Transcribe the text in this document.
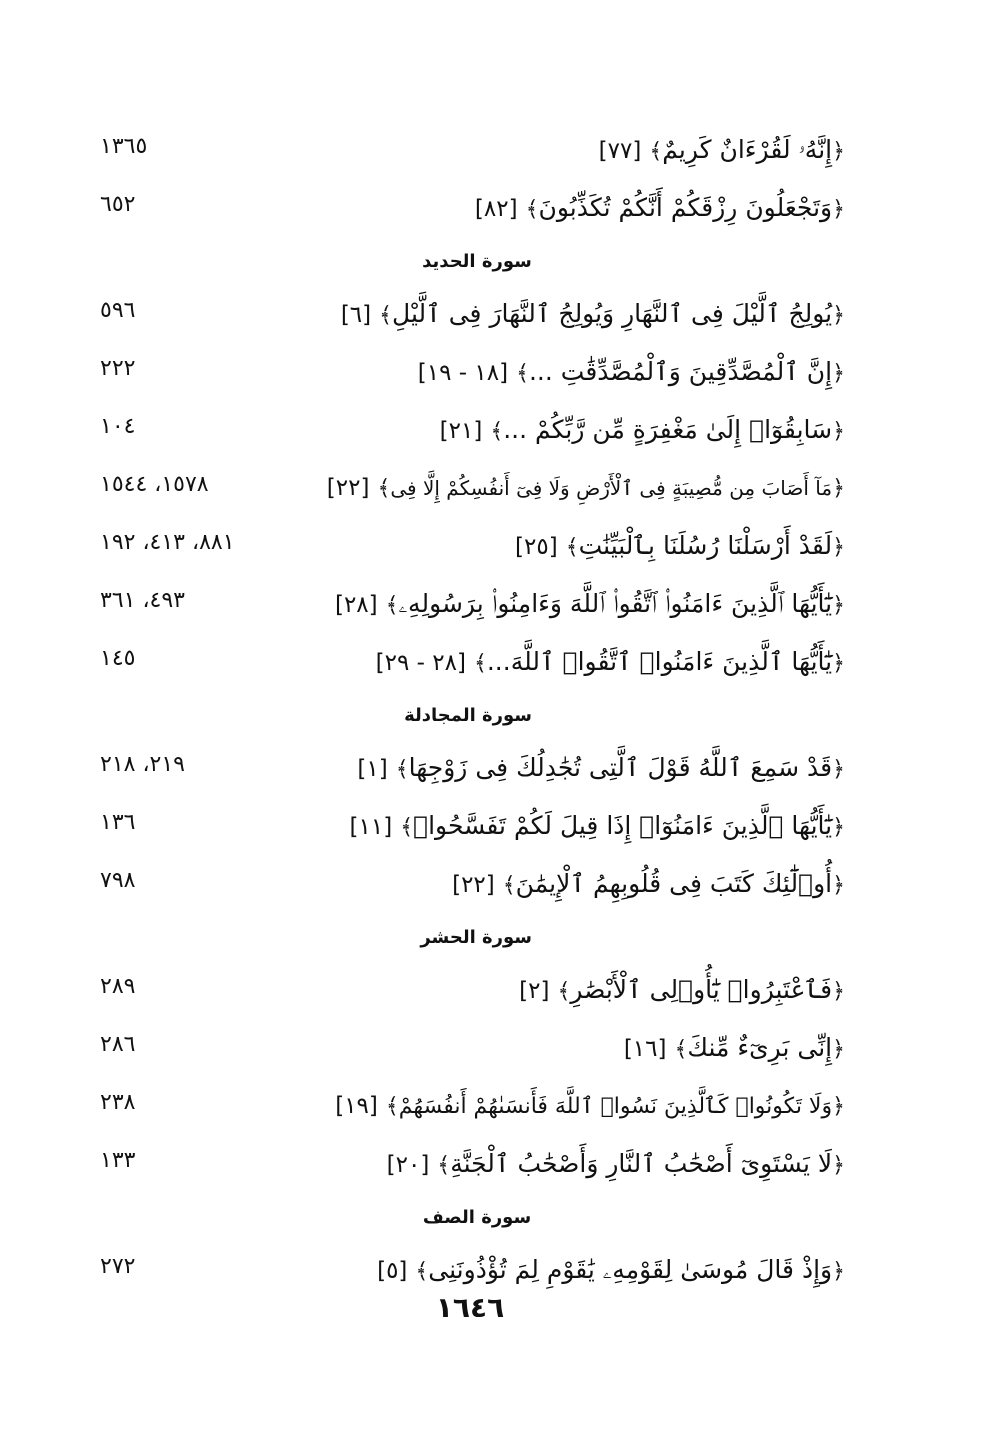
﴿إِنَّهُۥ لَقُرْءَانٌ كَرِيمٌ﴾[٧٧]
١٣٦٥
﴿وَتَجْعَلُونَ رِزْقَكُمْ أَنَّكُمْ تُكَذِّبُونَ﴾[٨٢]
٦٥٢
سورة الحديد
﴿يُولِجُ ٱلَّيْلَ فِى ٱلنَّهَارِ وَيُولِجُ ٱلنَّهَارَ فِى ٱلَّيْلِ﴾[٦]
٥٩٦
﴿إِنَّ ٱلْمُصَّدِّقِينَ وَٱلْمُصَّدِّقَٰتِ ...﴾[١٨ - ١٩]
٢٢٢
﴿سَابِقُوٓا۟ إِلَىٰ مَغْفِرَةٍ مِّن رَّبِّكُمْ ...﴾[٢١]
١٠٤
﴿مَآ أَصَابَ مِن مُّصِيبَةٍ فِى ٱلْأَرْضِ وَلَا فِىٓ أَنفُسِكُمْ إِلَّا فِى﴾[٢٢]
١٥٧٨، ١٥٤٤
﴿لَقَدْ أَرْسَلْنَا رُسُلَنَا بِٱلْبَيِّنَٰتِ﴾[٢٥]
٨٨١، ٤١٣، ١٩٢
﴿يَٰٓأَيُّهَا ٱلَّذِينَ ءَامَنُوا۟ ٱتَّقُوا۟ ٱللَّهَ وَءَامِنُوا۟ بِرَسُولِهِۦ﴾[٢٨]
٤٩٣، ٣٦١
﴿يَٰٓأَيُّهَا ٱلَّذِينَ ءَامَنُوا۟ ٱتَّقُوا۟ ٱللَّهَ...﴾[٢٨ - ٢٩]
١٤٥
سورة المجادلة
﴿قَدْ سَمِعَ ٱللَّهُ قَوْلَ ٱلَّتِى تُجَٰدِلُكَ فِى زَوْجِهَا﴾[١]
٢١٩، ٢١٨
﴿يَٰٓأَيُّهَا ٱلَّذِينَ ءَامَنُوٓا۟ إِذَا قِيلَ لَكُمْ تَفَسَّحُوا۟﴾[١١]
١٣٦
﴿أُو۟لَٰٓئِكَ كَتَبَ فِى قُلُوبِهِمُ ٱلْإِيمَٰنَ﴾[٢٢]
٧٩٨
سورة الحشر
﴿فَٱعْتَبِرُوا۟ يَٰٓأُو۟لِى ٱلْأَبْصَٰرِ﴾[٢]
٢٨٩
﴿إِنِّى بَرِىٓءٌ مِّنكَ﴾[١٦]
٢٨٦
﴿وَلَا تَكُونُوا۟ كَٱلَّذِينَ نَسُوا۟ ٱللَّهَ فَأَنسَىٰهُمْ أَنفُسَهُمْ﴾[١٩]
٢٣٨
﴿لَا يَسْتَوِىٓ أَصْحَٰبُ ٱلنَّارِ وَأَصْحَٰبُ ٱلْجَنَّةِ﴾[٢٠]
١٣٣
سورة الصف
﴿وَإِذْ قَالَ مُوسَىٰ لِقَوْمِهِۦ يَٰقَوْمِ لِمَ تُؤْذُونَنِى﴾[٥]
٢٧٢
١٦٤٦
